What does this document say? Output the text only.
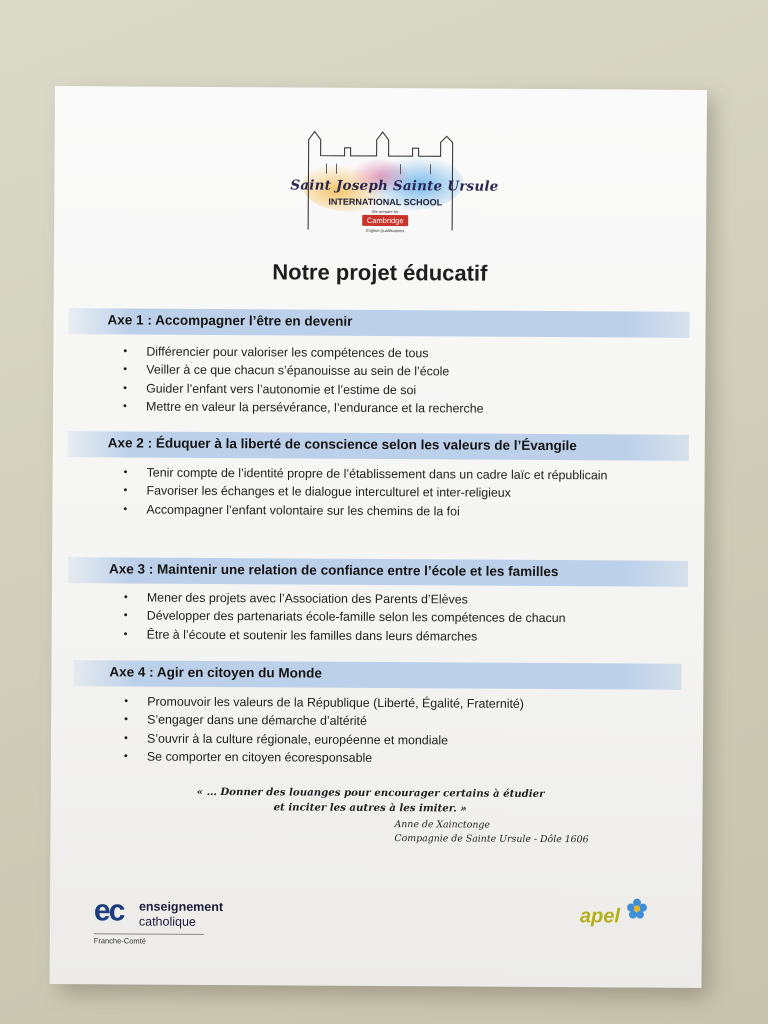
Saint Joseph Sainte Ursule
INTERNATIONAL SCHOOL
We prepare for
Cambridge
English Qualifications
Notre projet éducatif
Axe 1 : Accompagner l’être en devenir
• Différencier pour valoriser les compétences de tous
• Veiller à ce que chacun s’épanouisse au sein de l’école
• Guider l’enfant vers l’autonomie et l’estime de soi
• Mettre en valeur la persévérance, l’endurance et la recherche
Axe 2 : Éduquer à la liberté de conscience selon les valeurs de l’Évangile
• Tenir compte de l’identité propre de l’établissement dans un cadre laïc et républicain
• Favoriser les échanges et le dialogue interculturel et inter-religieux
• Accompagner l’enfant volontaire sur les chemins de la foi
Axe 3 : Maintenir une relation de confiance entre l’école et les familles
• Mener des projets avec l’Association des Parents d’Elèves
• Développer des partenariats école-famille selon les compétences de chacun
• Être à l’écoute et soutenir les familles dans leurs démarches
Axe 4 : Agir en citoyen du Monde
• Promouvoir les valeurs de la République (Liberté, Égalité, Fraternité)
• S’engager dans une démarche d’altérité
• S’ouvrir à la culture régionale, européenne et mondiale
• Se comporter en citoyen écoresponsable
« … Donner des louanges pour encourager certains à étudier
et inciter les autres à les imiter. »
Anne de Xainctonge
Compagnie de Sainte Ursule - Dôle 1606
ec enseignement
catholique
Franche-Comté
apel
